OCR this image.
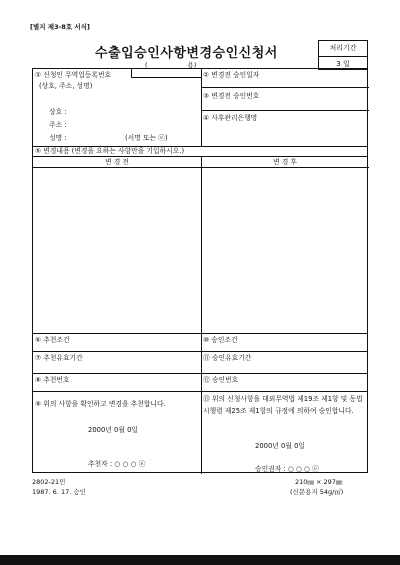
[별지 제3-8호 서식]
수출입승인사항변경승인신청서
(	용)
처리기간
3 일
① 신청인 무역업등록번호
(상호, 주소, 성명)
상호 :
주소 :
성명 :	(서명 또는 ⓔ)
② 변경전 승인일자
③ 변경전 승인번호
④ 사후관리은행명
⑤ 변경내용 (변경을 요하는 사항만을 기입하시오.)
변 경 전	변 경 후
⑥ 추천조건	⑩ 승인조건
⑦ 추천유효기간	⑪ 승인유효기간
⑧ 추천번호	⑫ 승인번호
⑨ 위의 사항을 확인하고 변경을 추천합니다.
2000년 0월 0일
추천자 : ○ ○ ○ ⓔ
⑬ 위의 신청사항을 대외무역법 제19조 제1항 및 동법 시행령 제25조 제1항의 규정에 의하여 승인합니다.
2000년 0월 0일
승인권자 : ○ ○ ○ ⓔ
2802-21민
1987. 6. 17. 승인
210㎜ × 297㎜
(신문용지 54g/㎡)
